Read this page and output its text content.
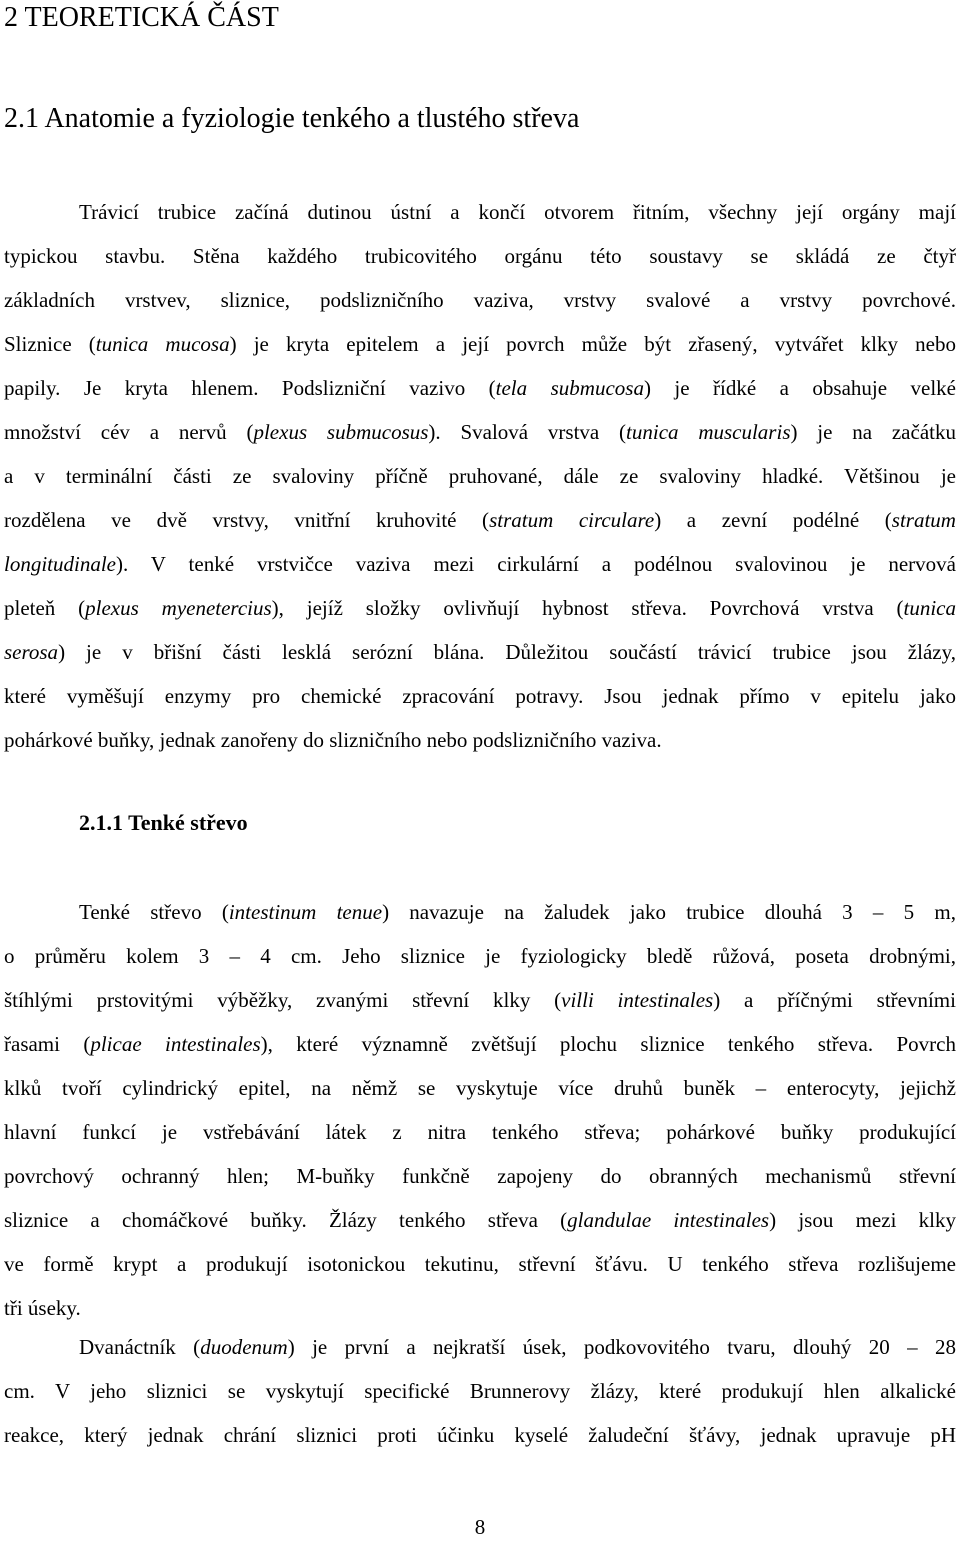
2 TEORETICKÁ ČÁST
2.1 Anatomie a fyziologie tenkého a tlustého střeva
Trávicí trubice začíná dutinou ústní a končí otvorem řitním, všechny její orgány mají
typickou stavbu. Stěna každého trubicovitého orgánu této soustavy se skládá ze čtyř
základních vrstvev, sliznice, podslizničního vaziva, vrstvy svalové a vrstvy povrchové.
Sliznice (tunica mucosa) je kryta epitelem a její povrch může být zřasený, vytvářet klky nebo
papily. Je kryta hlenem. Podslizniční vazivo (tela submucosa) je řídké a obsahuje velké
množství cév a nervů (plexus submucosus). Svalová vrstva (tunica muscularis) je na začátku
a v terminální části ze svaloviny příčně pruhované, dále ze svaloviny hladké. Většinou je
rozdělena ve dvě vrstvy, vnitřní kruhovité (stratum circulare) a zevní podélné (stratum
longitudinale). V tenké vrstvičce vaziva mezi cirkulární a podélnou svalovinou je nervová
pleteň (plexus myenetercius), jejíž složky ovlivňují hybnost střeva. Povrchová vrstva (tunica
serosa) je v břišní části lesklá serózní blána. Důležitou součástí trávicí trubice jsou žlázy,
které vyměšují enzymy pro chemické zpracování potravy. Jsou jednak přímo v epitelu jako
pohárkové buňky, jednak zanořeny do slizničního nebo podslizničního vaziva.
2.1.1 Tenké střevo
Tenké střevo (intestinum tenue) navazuje na žaludek jako trubice dlouhá 3 – 5 m,
o průměru kolem 3 – 4 cm. Jeho sliznice je fyziologicky bledě růžová, poseta drobnými,
štíhlými prstovitými výběžky, zvanými střevní klky (villi intestinales) a příčnými střevními
řasami (plicae intestinales), které významně zvětšují plochu sliznice tenkého střeva. Povrch
klků tvoří cylindrický epitel, na němž se vyskytuje více druhů buněk – enterocyty, jejichž
hlavní funkcí je vstřebávání látek z nitra tenkého střeva; pohárkové buňky produkující
povrchový ochranný hlen; M-buňky funkčně zapojeny do obranných mechanismů střevní
sliznice a chomáčkové buňky. Žlázy tenkého střeva (glandulae intestinales) jsou mezi klky
ve formě krypt a produkují isotonickou tekutinu, střevní šťávu. U tenkého střeva rozlišujeme
tři úseky.
Dvanáctník (duodenum) je první a nejkratší úsek, podkovovitého tvaru, dlouhý 20 – 28
cm. V jeho sliznici se vyskytují specifické Brunnerovy žlázy, které produkují hlen alkalické
reakce, který jednak chrání sliznici proti účinku kyselé žaludeční šťávy, jednak upravuje pH
8
